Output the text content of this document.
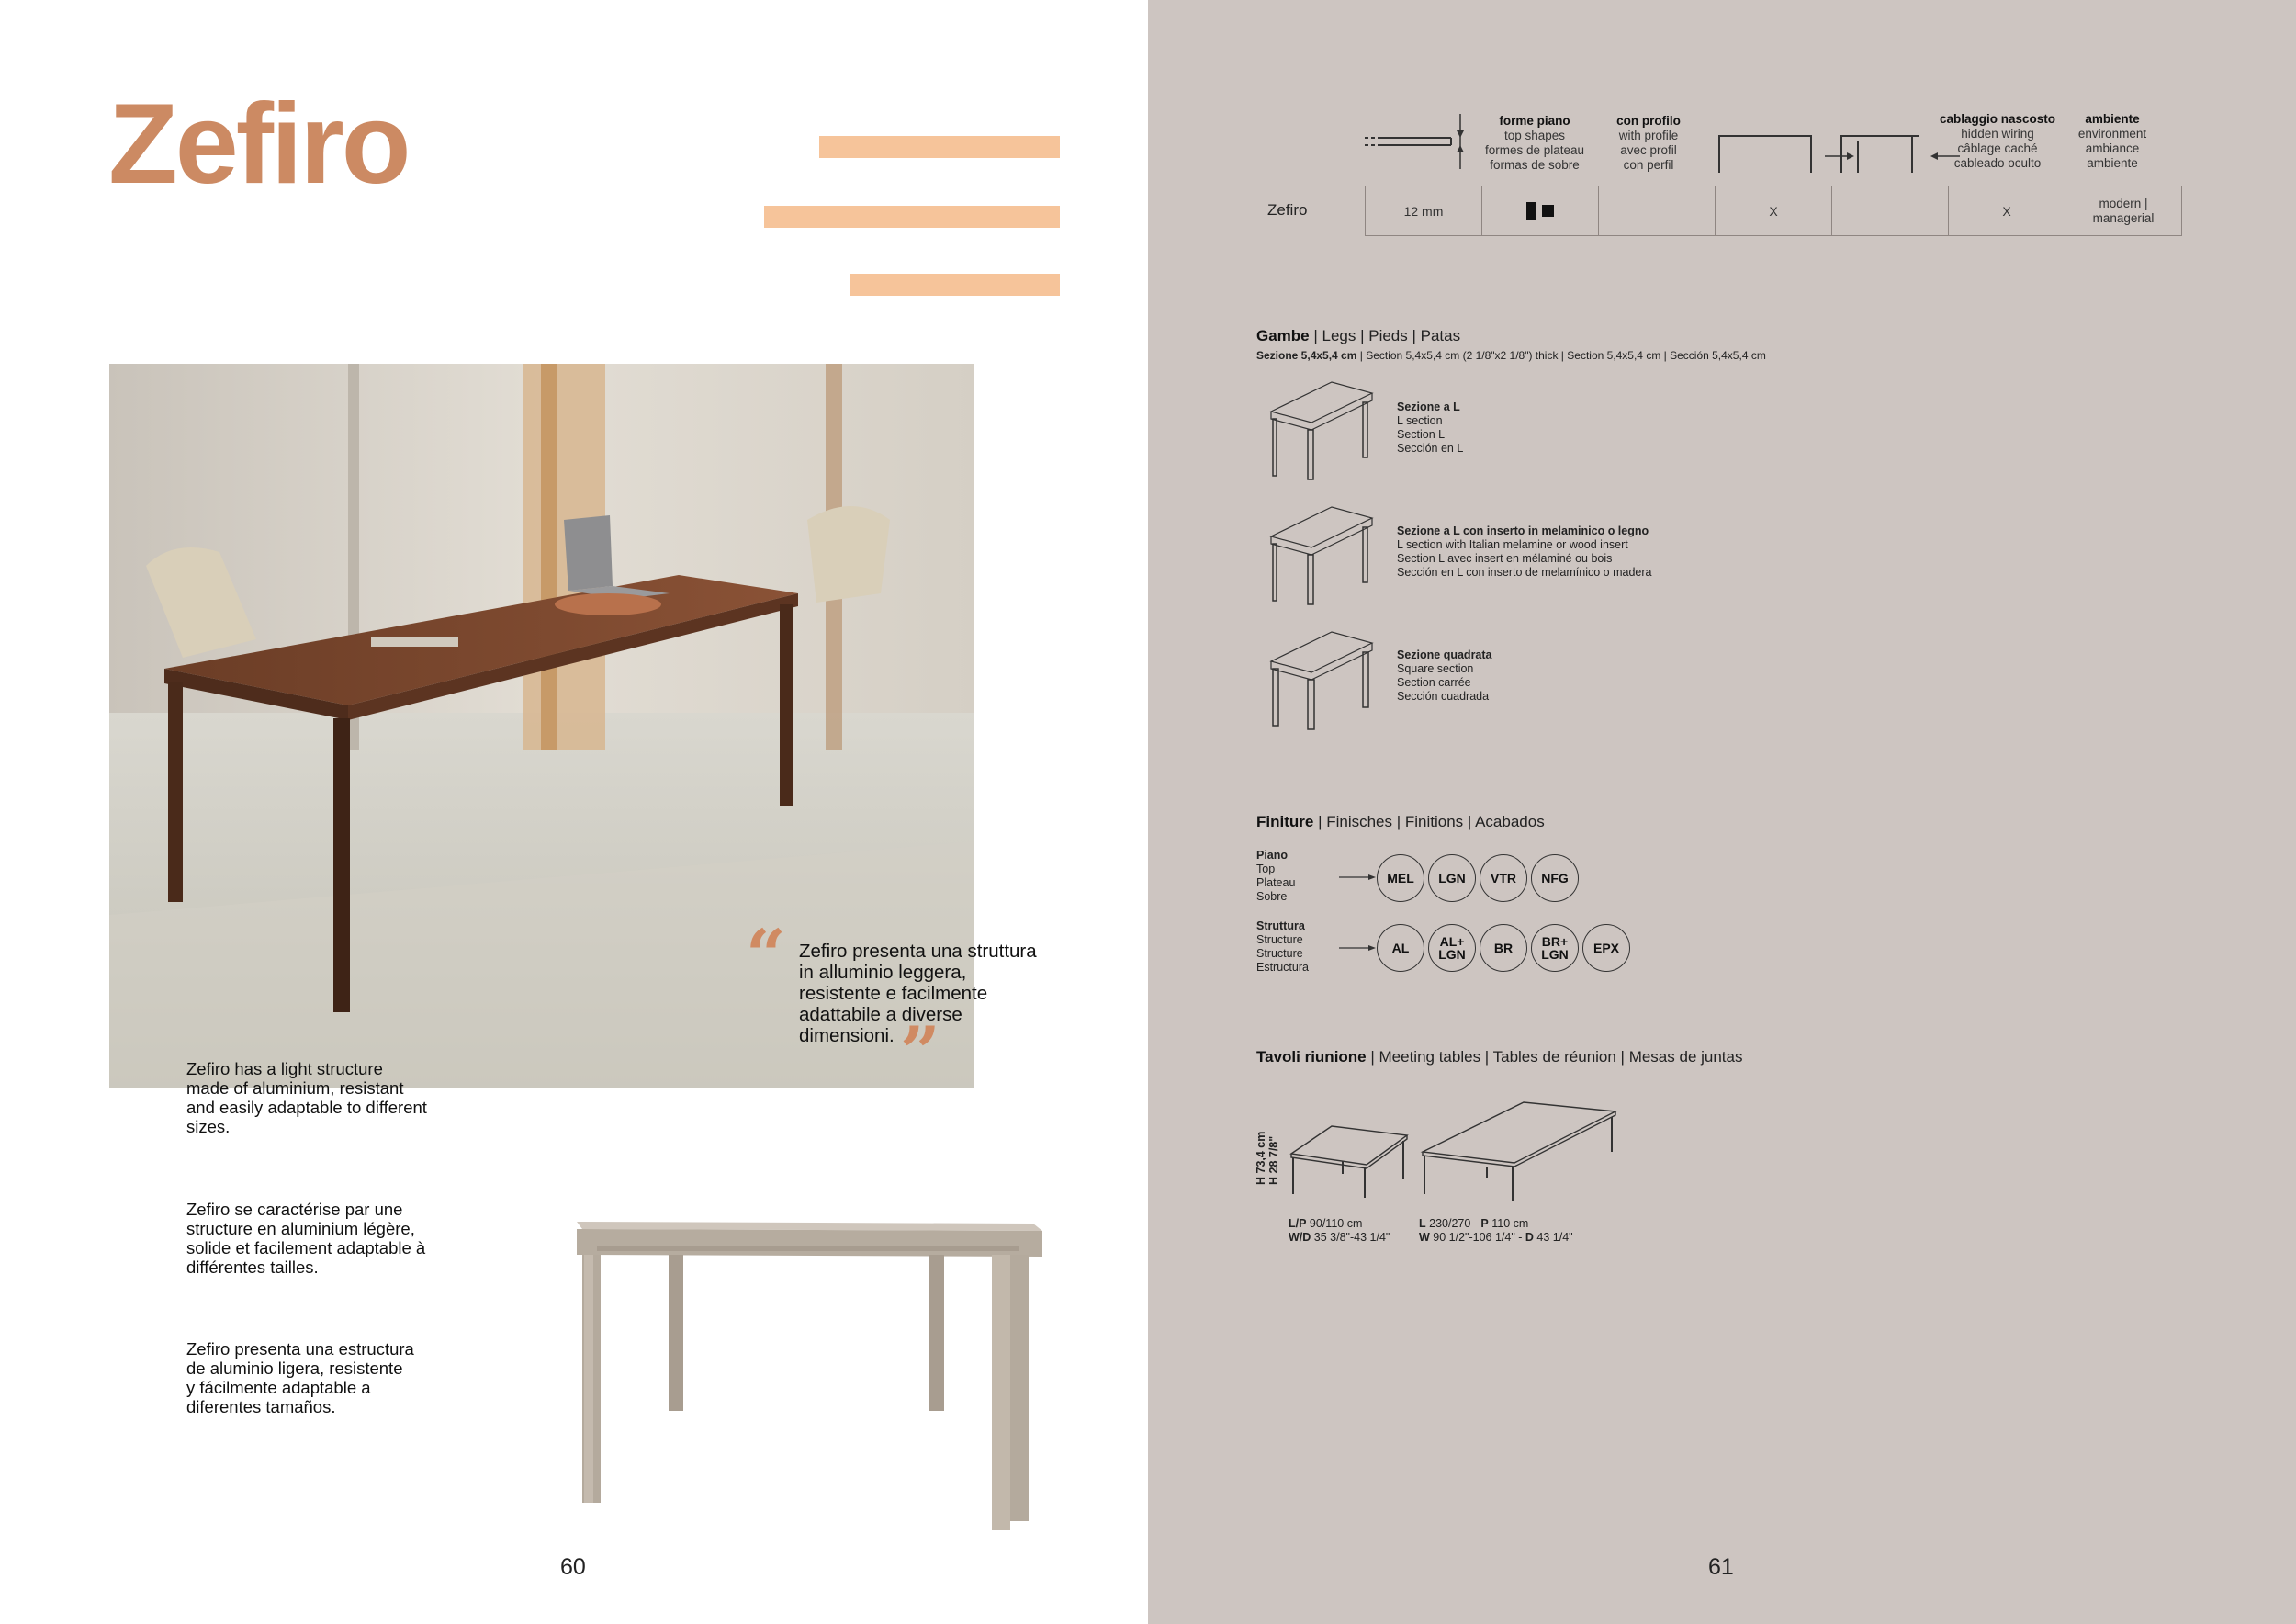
Zefiro
“ Zefiro presenta una struttura
in alluminio leggera,
resistente e facilmente
adattabile a diverse
dimensioni. ”
Zefiro has a light structure
made of aluminium, resistant
and easily adaptable to different
sizes.
Zefiro se caractérise par une
structure en aluminium légère,
solide et facilement adaptable à
différentes tailles.
Zefiro presenta una estructura
de aluminio ligera, resistente
y fácilmente adaptable a
diferentes tamaños.
60
forme piano
top shapes
formes de plateau
formas de sobre
con profilo
with profile
avec profil
con perfil
cablaggio nascosto
hidden wiring
câblage caché
cableado oculto
ambiente
environment
ambiance
ambiente
Zefiro	12 mm			X		X	
modern |
managerial
Gambe | Legs | Pieds | Patas
Sezione 5,4x5,4 cm | Section 5,4x5,4 cm (2 1/8"x2 1/8") thick | Section 5,4x5,4 cm | Sección 5,4x5,4 cm
Sezione a L
L section
Section L
Sección en L
Sezione a L con inserto in melaminico o legno
L section with Italian melamine or wood insert
Section L avec insert en mélaminé ou bois
Sección en L con inserto de melamínico o madera
Sezione quadrata
Square section
Section carrée
Sección cuadrada
Finiture | Finisches | Finitions | Acabados
Piano
Top
Plateau
Sobre
MEL	LGN	VTR	NFG
Struttura
Structure
Structure
Estructura
AL	AL+
LGN	BR	BR+
LGN	EPX
Tavoli riunione | Meeting tables | Tables de réunion | Mesas de juntas
H 73,4 cm H 28 7/8"
L/P 90/110 cm
W/D 35 3/8"-43 1/4"
L 230/270 - P 110 cm
W 90 1/2"-106 1/4" - D 43 1/4"
61
